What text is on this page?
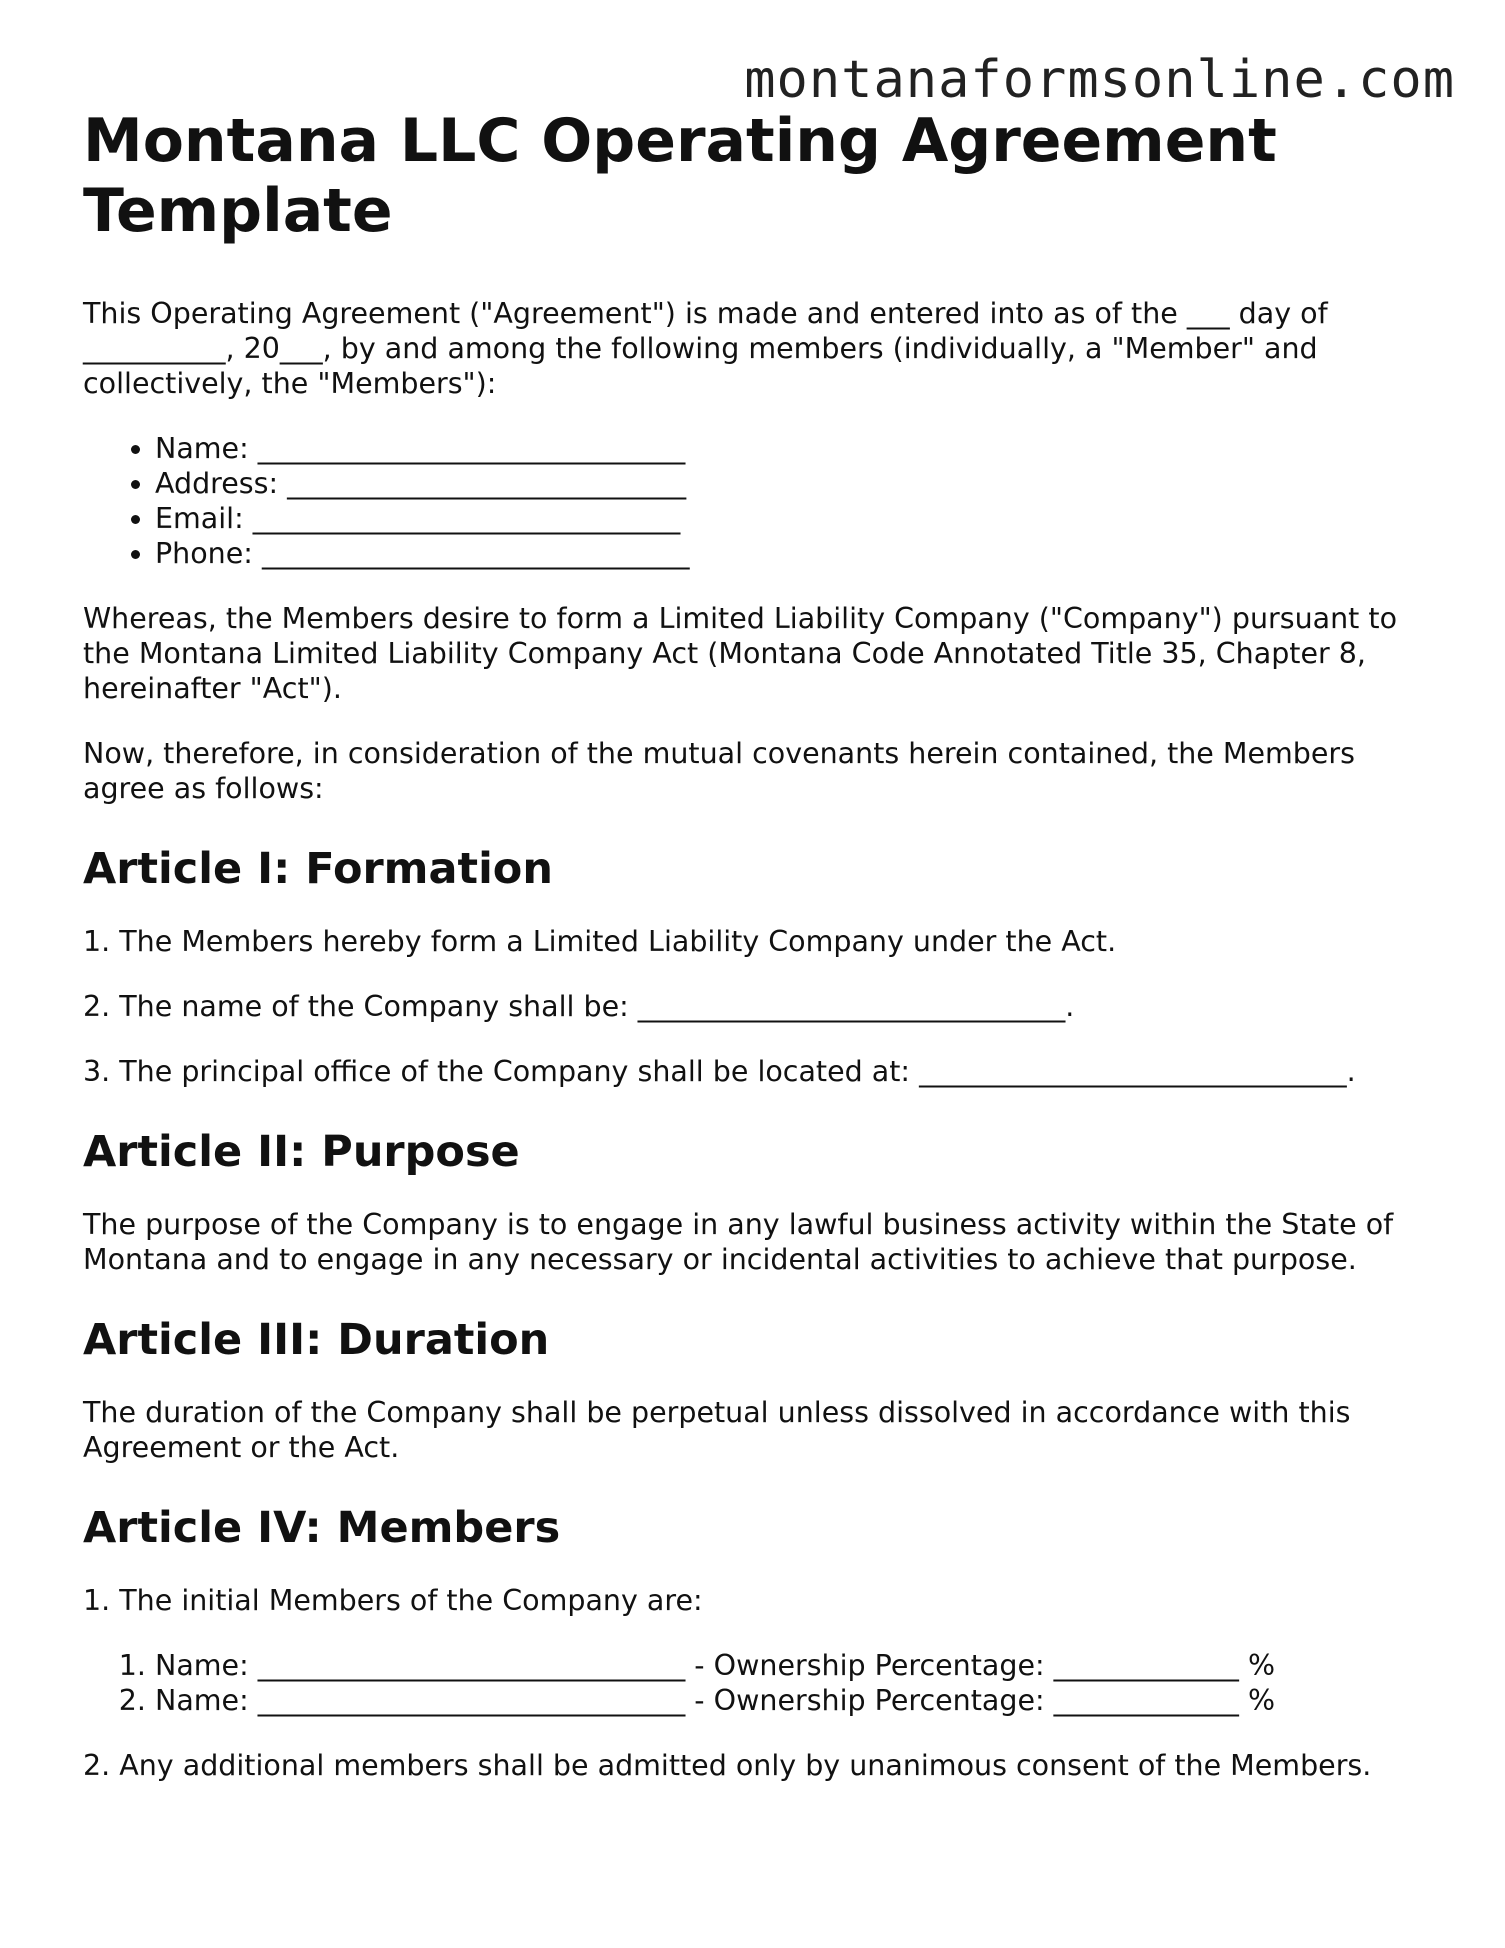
montanaformsonline.com
Montana LLC Operating Agreement Template

This Operating Agreement ("Agreement") is made and entered into as of the ___ day of __________, 20___, by and among the following members (individually, a "Member" and collectively, the "Members"):

• Name: ______________________________
• Address: ____________________________
• Email: ______________________________
• Phone: ______________________________

Whereas, the Members desire to form a Limited Liability Company ("Company") pursuant to the Montana Limited Liability Company Act (Montana Code Annotated Title 35, Chapter 8, hereinafter "Act").

Now, therefore, in consideration of the mutual covenants herein contained, the Members agree as follows:

Article I: Formation

1. The Members hereby form a Limited Liability Company under the Act.

2. The name of the Company shall be: ______________________________.

3. The principal office of the Company shall be located at: ______________________________.

Article II: Purpose

The purpose of the Company is to engage in any lawful business activity within the State of Montana and to engage in any necessary or incidental activities to achieve that purpose.

Article III: Duration

The duration of the Company shall be perpetual unless dissolved in accordance with this Agreement or the Act.

Article IV: Members

1. The initial Members of the Company are:

1. Name: ______________________________ - Ownership Percentage: _____________ %
2. Name: ______________________________ - Ownership Percentage: _____________ %

2. Any additional members shall be admitted only by unanimous consent of the Members.
